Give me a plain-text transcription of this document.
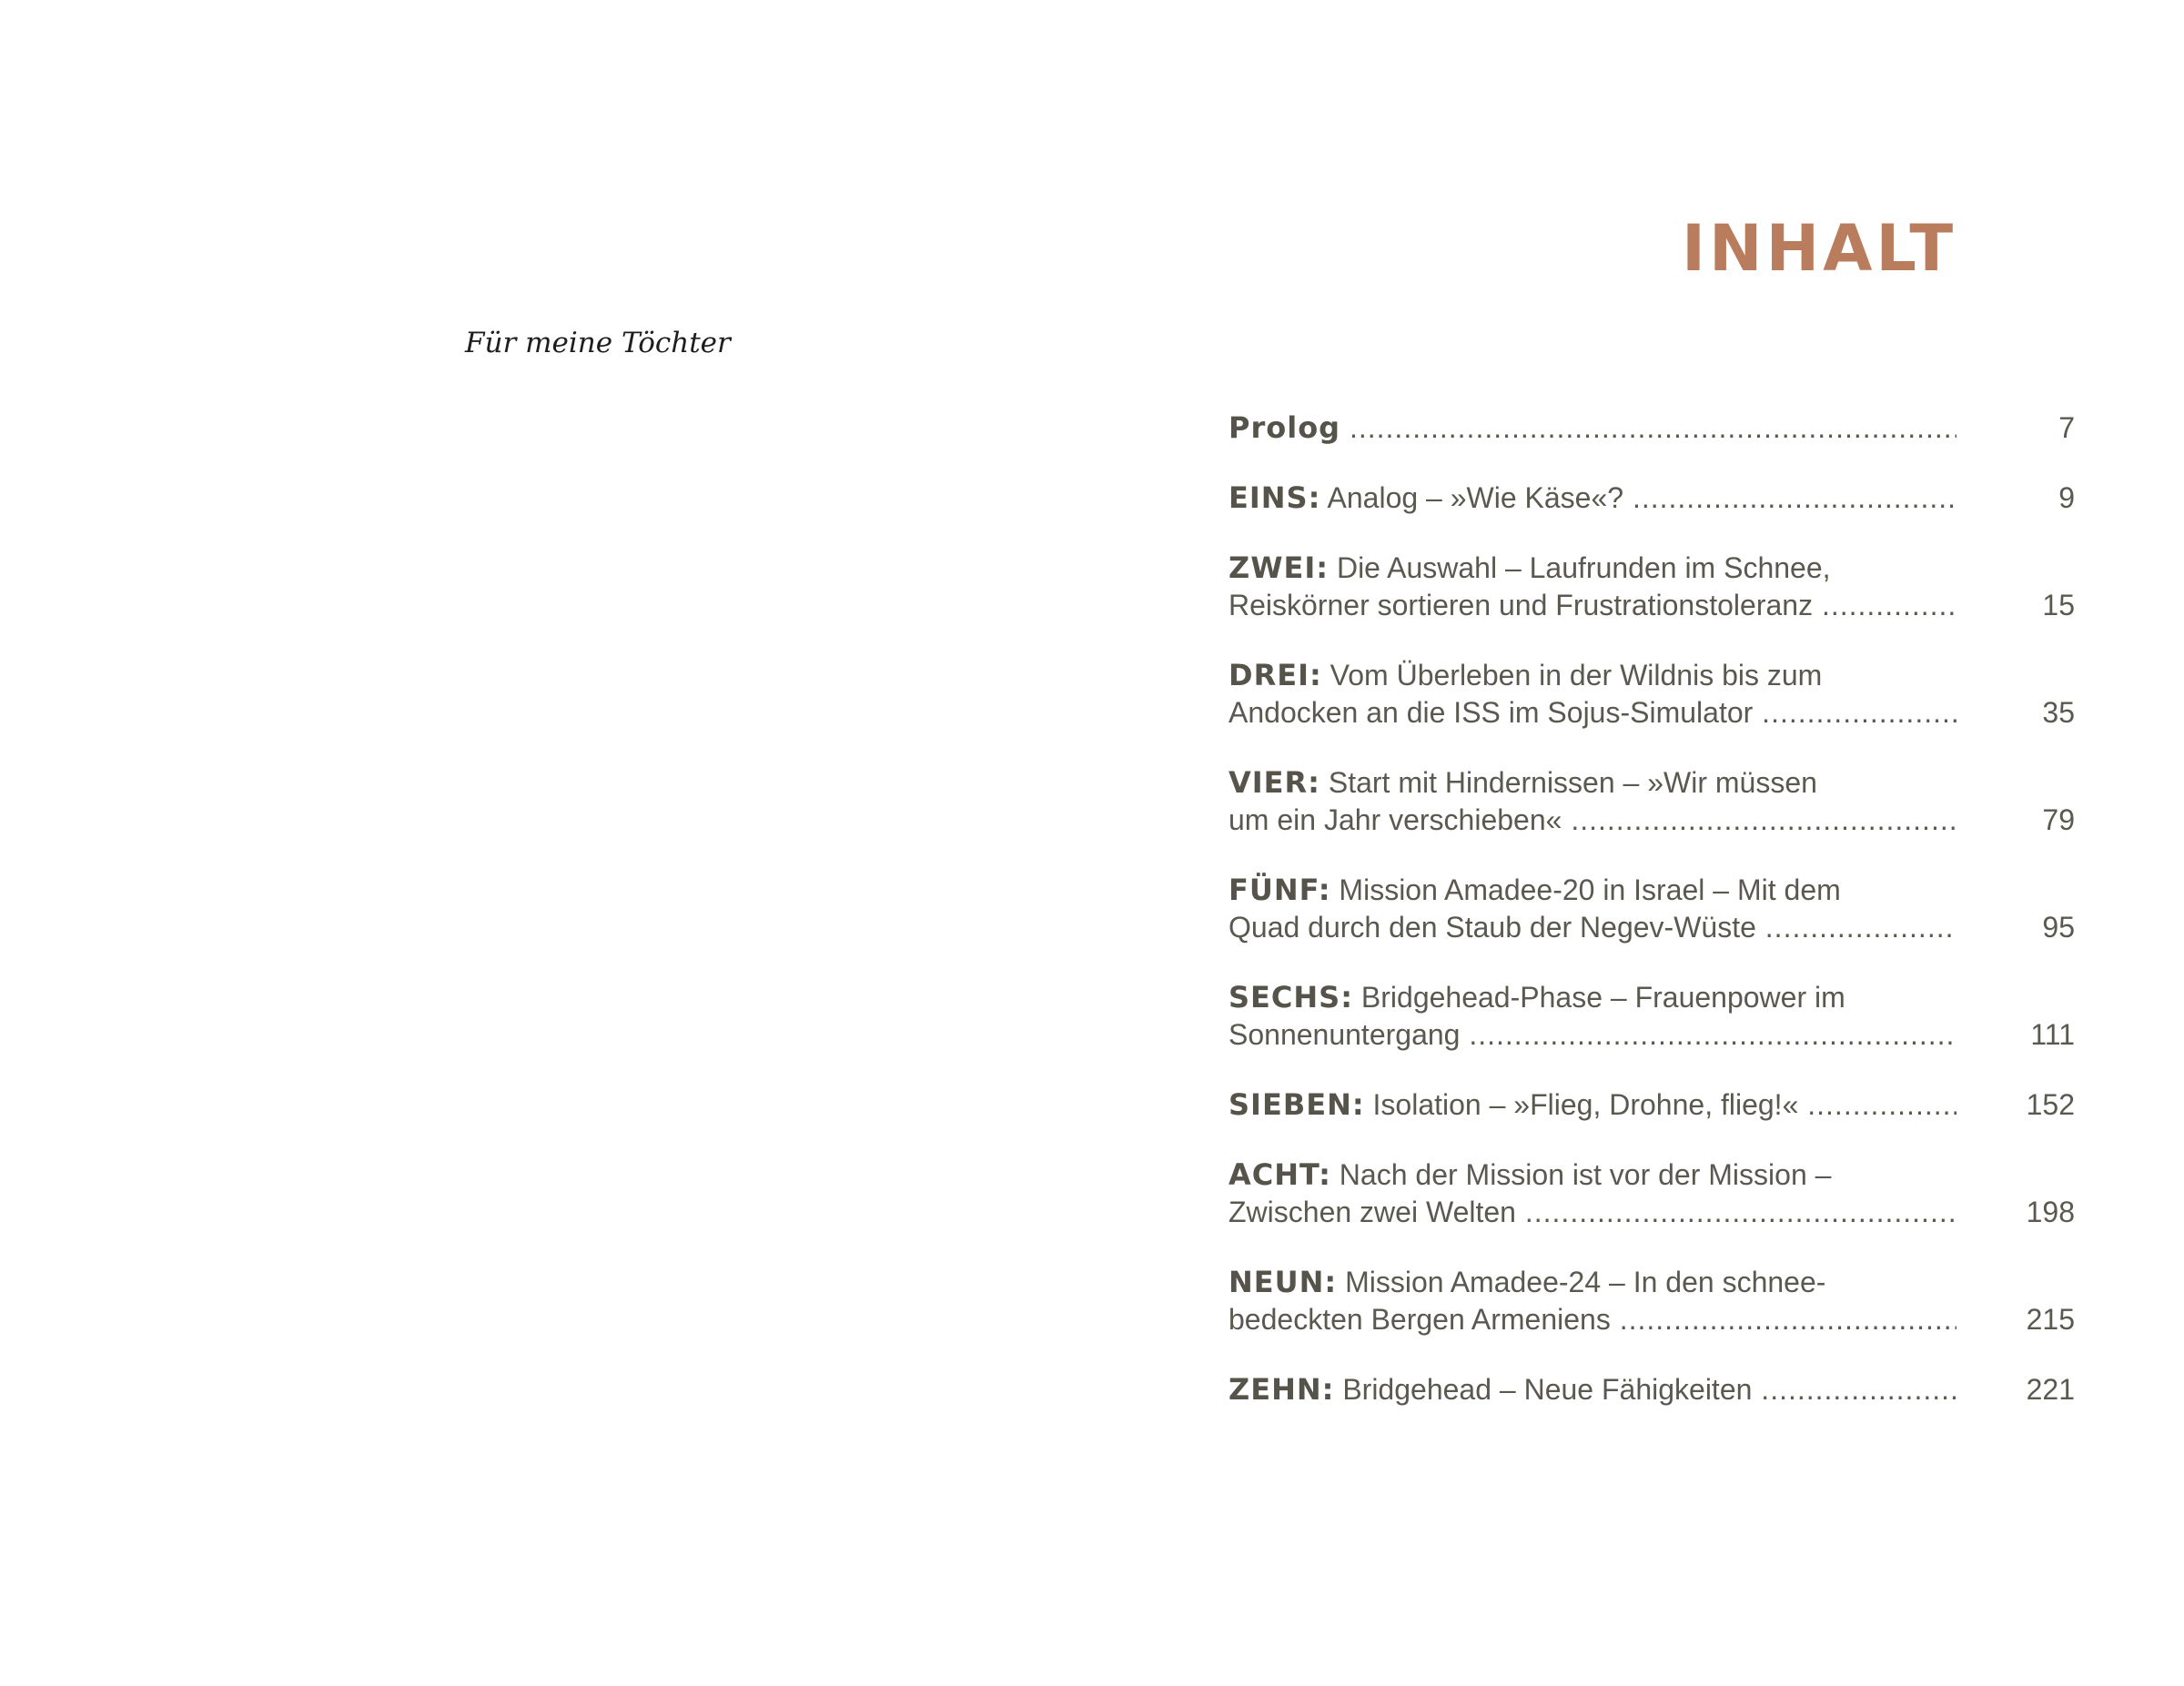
Für meine Töchter

INHALT
Prolog .....	7
EINS: Analog – »Wie Käse«? .....	9
ZWEI: Die Auswahl – Laufrunden im Schnee,
Reiskörner sortieren und Frustrationstoleranz .....	15
DREI: Vom Überleben in der Wildnis bis zum
Andocken an die ISS im Sojus-Simulator .....	35
VIER: Start mit Hindernissen – »Wir müssen
um ein Jahr verschieben« .....	79
FÜNF: Mission Amadee-20 in Israel – Mit dem
Quad durch den Staub der Negev-Wüste .....	95
SECHS: Bridgehead-Phase – Frauenpower im
Sonnenuntergang .....	111
SIEBEN: Isolation – »Flieg, Drohne, flieg!« .....	152
ACHT: Nach der Mission ist vor der Mission –
Zwischen zwei Welten .....	198
NEUN: Mission Amadee-24 – In den schnee-
bedeckten Bergen Armeniens .....	215
ZEHN: Bridgehead – Neue Fähigkeiten .....	221
